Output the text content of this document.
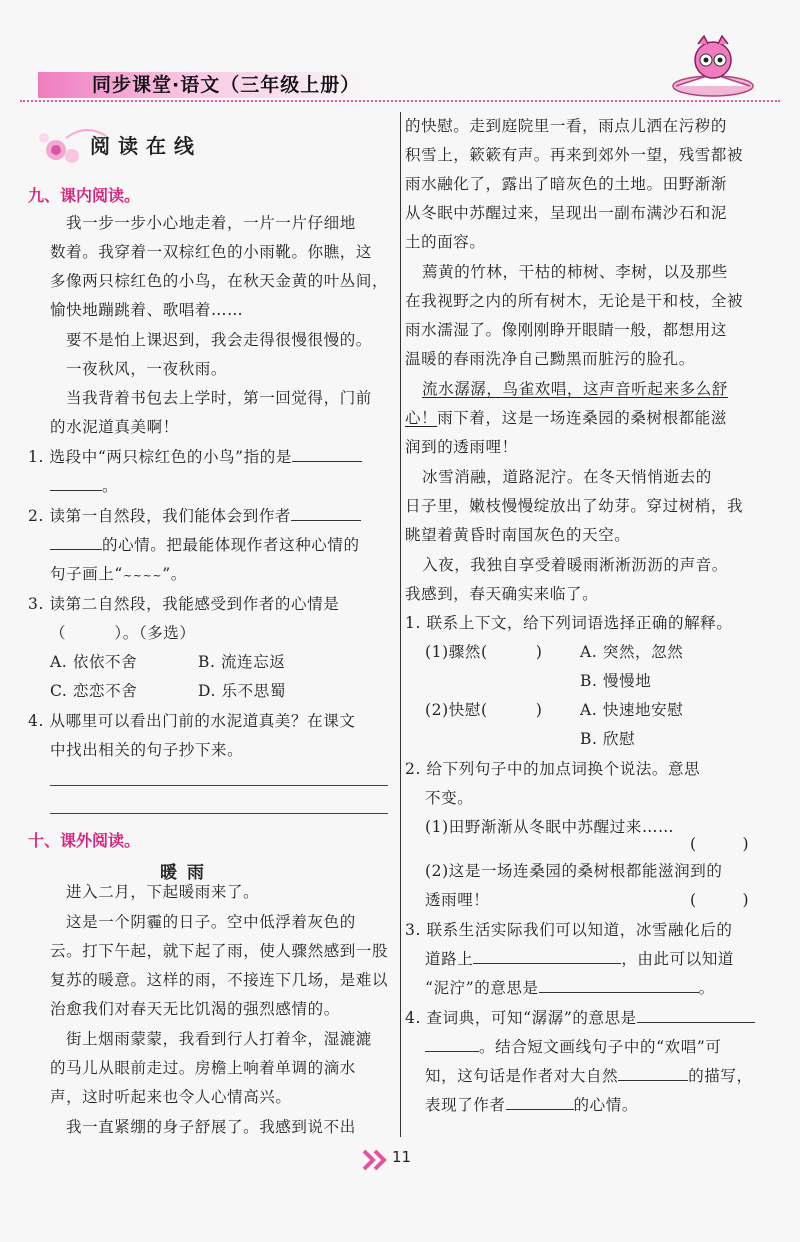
同步课堂·语文（三年级上册）
阅读在线
九、课内阅读。
我一步一步小心地走着，一片一片仔细地
数着。我穿着一双棕红色的小雨靴。你瞧，这
多像两只棕红色的小鸟，在秋天金黄的叶丛间，
愉快地蹦跳着、歌唱着……
要不是怕上课迟到，我会走得很慢很慢的。
一夜秋风，一夜秋雨。
当我背着书包去上学时，第一回觉得，门前
的水泥道真美啊！
1. 选段中“两只棕红色的小鸟”指的是
。
2. 读第一自然段，我们能体会到作者
的心情。把最能体现作者这种心情的
句子画上“~~~~”。
3. 读第二自然段，我能感受到作者的心情是
（　　　）。（多选）
A. 依依不舍	B. 流连忘返
C. 恋恋不舍	D. 乐不思蜀
4. 从哪里可以看出门前的水泥道真美？在课文
中找出相关的句子抄下来。
十、课外阅读。
暖雨
进入二月，下起暖雨来了。
这是一个阴霾的日子。空中低浮着灰色的
云。打下午起，就下起了雨，使人骤然感到一股
复苏的暖意。这样的雨，不接连下几场，是难以
治愈我们对春天无比饥渴的强烈感情的。
街上烟雨蒙蒙，我看到行人打着伞，湿漉漉
的马儿从眼前走过。房檐上响着单调的滴水
声，这时听起来也令人心情高兴。
我一直紧绷的身子舒展了。我感到说不出
的快慰。走到庭院里一看，雨点儿洒在污秽的
积雪上，簌簌有声。再来到郊外一望，残雪都被
雨水融化了，露出了暗灰色的土地。田野渐渐
从冬眠中苏醒过来，呈现出一副布满沙石和泥
土的面容。
蔫黄的竹林，干枯的柿树、李树，以及那些
在我视野之内的所有树木，无论是干和枝，全被
雨水濡湿了。像刚刚睁开眼睛一般，都想用这
温暖的春雨洗净自己黝黑而脏污的脸孔。
流水潺潺，鸟雀欢唱，这声音听起来多么舒
心！雨下着，这是一场连桑园的桑树根都能滋
润到的透雨哩！
冰雪消融，道路泥泞。在冬天悄悄逝去的
日子里，嫩枝慢慢绽放出了幼芽。穿过树梢，我
眺望着黄昏时南国灰色的天空。
入夜，我独自享受着暖雨淅淅沥沥的声音。
我感到，春天确实来临了。
1. 联系上下文，给下列词语选择正确的解释。
(1)骤然(　　　) A. 突然，忽然
B. 慢慢地
(2)快慰(　　　) A. 快速地安慰
B. 欣慰
2. 给下列句子中的加点词换个说法。意思
不变。
(1)田野渐渐从冬眠中苏醒过来……
(　　　)
(2)这是一场连桑园的桑树根都能滋润到的
透雨哩！	(　　　)
3. 联系生活实际我们可以知道，冰雪融化后的
道路上	，由此可以知道
“泥泞”的意思是	。
4. 查词典，可知“潺潺”的意思是
。结合短文画线句子中的“欢唱”可
知，这句话是作者对大自然	的描写，
表现了作者	的心情。
11
